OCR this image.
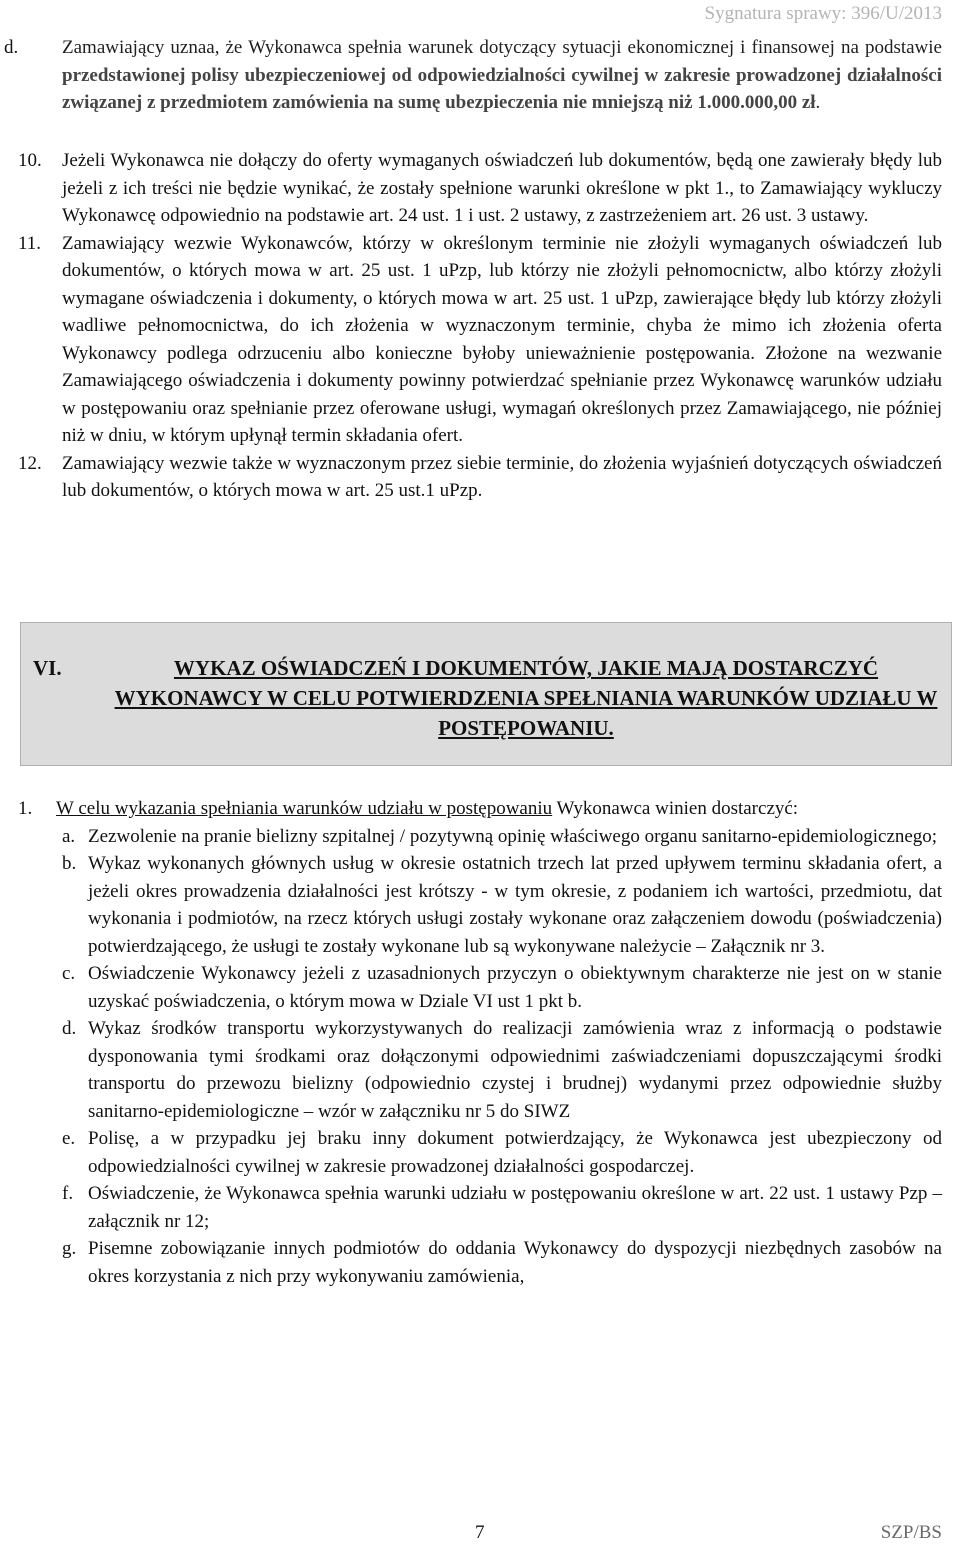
Sygnatura sprawy: 396/U/2013
d.	Zamawiający uznaa, że Wykonawca spełnia warunek dotyczący sytuacji ekonomicznej i finansowej na podstawie przedstawionej polisy ubezpieczeniowej od odpowiedzialności cywilnej w zakresie prowadzonej działalności związanej z przedmiotem zamówienia na sumę ubezpieczenia nie mniejszą niż 1.000.000,00 zł.
10.	Jeżeli Wykonawca nie dołączy do oferty wymaganych oświadczeń lub dokumentów, będą one zawierały błędy lub jeżeli z ich treści nie będzie wynikać, że zostały spełnione warunki określone w pkt 1., to Zamawiający wykluczy Wykonawcę odpowiednio na podstawie art. 24 ust. 1 i ust. 2 ustawy, z zastrzeżeniem art. 26 ust. 3 ustawy.
11.	Zamawiający wezwie Wykonawców, którzy w określonym terminie nie złożyli wymaganych oświadczeń lub dokumentów, o których mowa w art. 25 ust. 1 uPzp, lub którzy nie złożyli pełnomocnictw, albo którzy złożyli wymagane oświadczenia i dokumenty, o których mowa w art. 25 ust. 1 uPzp, zawierające błędy lub którzy złożyli wadliwe pełnomocnictwa, do ich złożenia w wyznaczonym terminie, chyba że mimo ich złożenia oferta Wykonawcy podlega odrzuceniu albo konieczne byłoby unieważnienie postępowania. Złożone na wezwanie Zamawiającego oświadczenia i dokumenty powinny potwierdzać spełnianie przez Wykonawcę warunków udziału w postępowaniu oraz spełnianie przez oferowane usługi, wymagań określonych przez Zamawiającego, nie później niż w dniu, w którym upłynął termin składania ofert.
12.	Zamawiający wezwie także w wyznaczonym przez siebie terminie, do złożenia wyjaśnień dotyczących oświadczeń lub dokumentów, o których mowa w art. 25 ust.1 uPzp.
VI.	WYKAZ OŚWIADCZEŃ I DOKUMENTÓW, JAKIE MAJĄ DOSTARCZYĆ WYKONAWCY W CELU POTWIERDZENIA SPEŁNIANIA WARUNKÓW UDZIAŁU W POSTĘPOWANIU.
1.	W celu wykazania spełniania warunków udziału w postępowaniu Wykonawca winien dostarczyć:
a. Zezwolenie na pranie bielizny szpitalnej / pozytywną opinię właściwego organu sanitarno-epidemiologicznego;
b. Wykaz wykonanych głównych usług w okresie ostatnich trzech lat przed upływem terminu składania ofert, a jeżeli okres prowadzenia działalności jest krótszy - w tym okresie, z podaniem ich wartości, przedmiotu, dat wykonania i podmiotów, na rzecz których usługi zostały wykonane oraz załączeniem dowodu (poświadczenia) potwierdzającego, że usługi te zostały wykonane lub są wykonywane należycie – Załącznik nr 3.
c. Oświadczenie Wykonawcy jeżeli z uzasadnionych przyczyn o obiektywnym charakterze nie jest on w stanie uzyskać poświadczenia, o którym mowa w Dziale VI ust 1 pkt b.
d. Wykaz środków transportu wykorzystywanych do realizacji zamówienia wraz z informacją o podstawie dysponowania tymi środkami oraz dołączonymi odpowiednimi zaświadczeniami dopuszczającymi środki transportu do przewozu bielizny (odpowiednio czystej i brudnej) wydanymi przez odpowiednie służby sanitarno-epidemiologiczne – wzór w załączniku nr 5 do SIWZ
e. Polisę, a w przypadku jej braku inny dokument potwierdzający, że Wykonawca jest ubezpieczony od odpowiedzialności cywilnej w zakresie prowadzonej działalności gospodarczej.
f. Oświadczenie, że Wykonawca spełnia warunki udziału w postępowaniu określone w art. 22 ust. 1 ustawy Pzp – załącznik nr 12;
g. Pisemne zobowiązanie innych podmiotów do oddania Wykonawcy do dyspozycji niezbędnych zasobów na okres korzystania z nich przy wykonywaniu zamówienia,
7	SZP/BS
